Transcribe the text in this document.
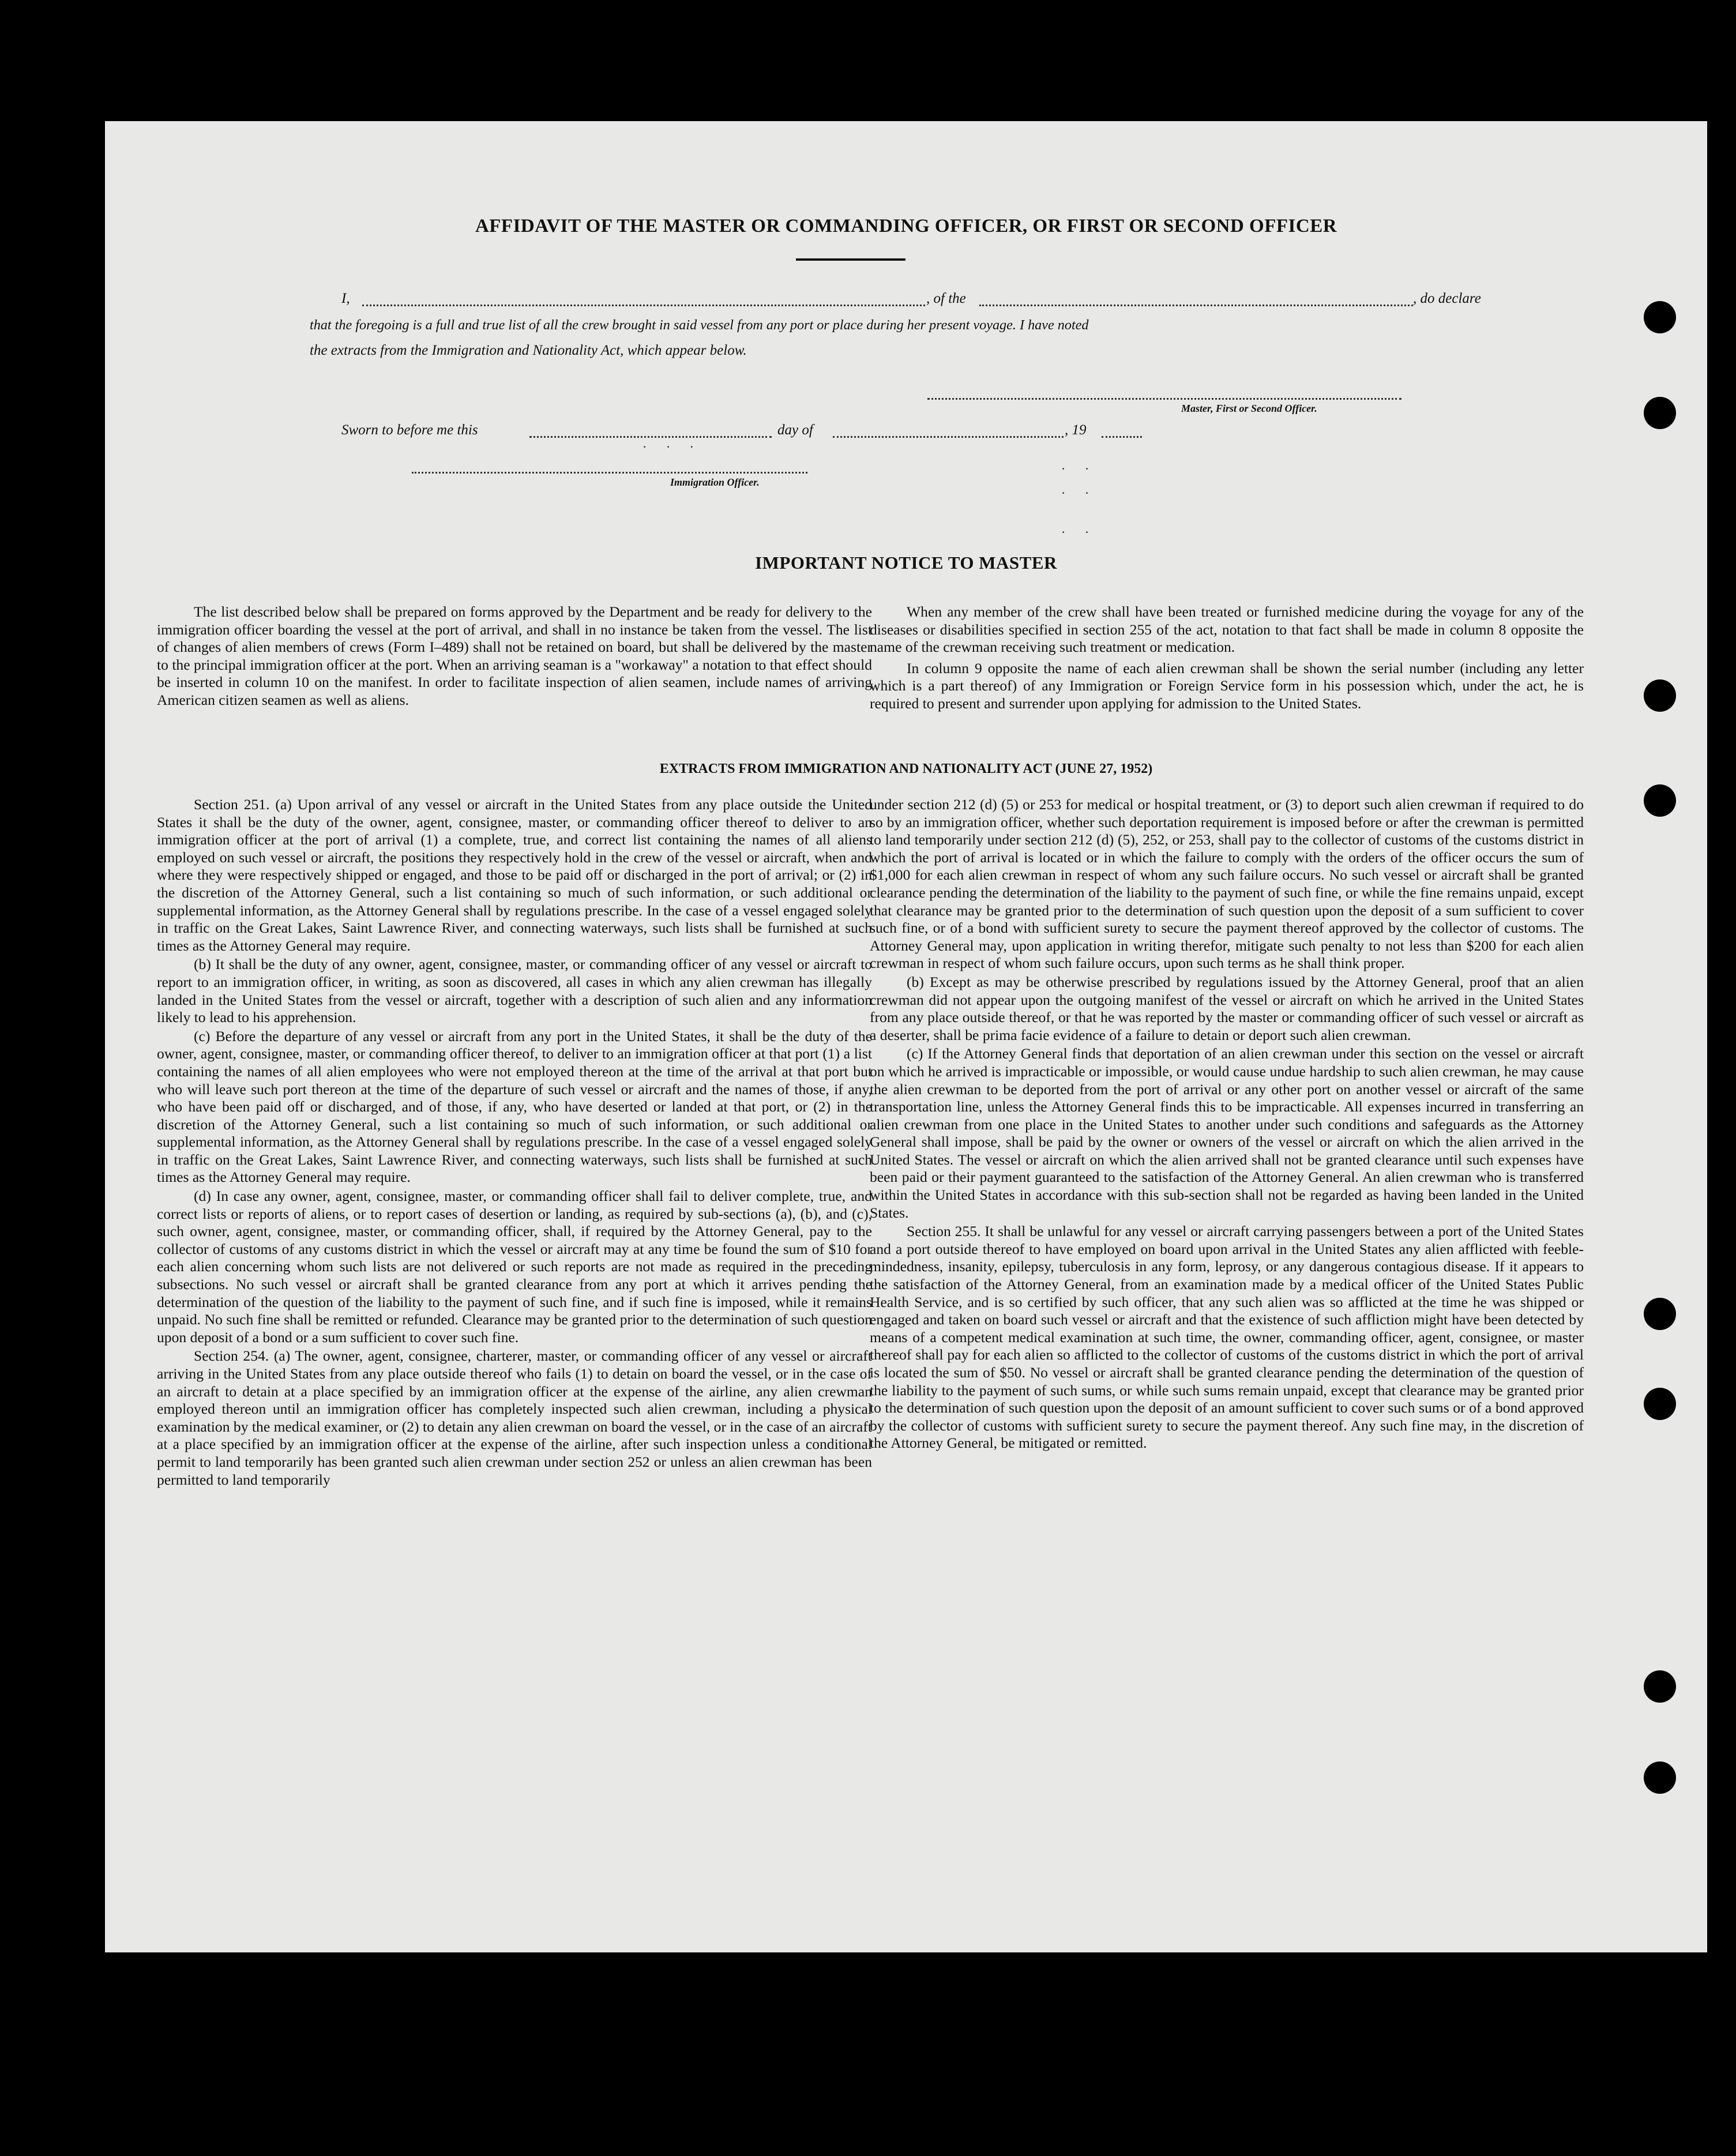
AFFIDAVIT OF THE MASTER OR COMMANDING OFFICER, OR FIRST OR SECOND OFFICER
I,	, of the	, do declare
that the foregoing is a full and true list of all the crew brought in said vessel from any port or place during her present voyage. I have noted
the extracts from the Immigration and Nationality Act, which appear below.
Master, First or Second Officer.
Sworn to before me this	day of	, 19
· · ·
Immigration Officer.
· ·
· ·
· ·
IMPORTANT NOTICE TO MASTER

The list described below shall be prepared on forms approved by the Department and be ready for delivery to the immigration officer boarding the vessel at the port of arrival, and shall in no instance be taken from the vessel. The list of changes of alien members of crews (Form I–489) shall not be retained on board, but shall be delivered by the master to the principal immigration officer at the port. When an arriving seaman is a "workaway" a notation to that effect should be inserted in column 10 on the manifest. In order to facilitate inspection of alien seamen, include names of arriving American citizen seamen as well as aliens.

When any member of the crew shall have been treated or furnished medicine during the voyage for any of the diseases or disabilities specified in section 255 of the act, notation to that fact shall be made in column 8 opposite the name of the crewman receiving such treatment or medication.

In column 9 opposite the name of each alien crewman shall be shown the serial number (including any letter which is a part thereof) of any Immigration or Foreign Service form in his possession which, under the act, he is required to present and surrender upon applying for admission to the United States.

EXTRACTS FROM IMMIGRATION AND NATIONALITY ACT (JUNE 27, 1952)

Section 251. (a) Upon arrival of any vessel or aircraft in the United States from any place outside the United States it shall be the duty of the owner, agent, consignee, master, or commanding officer thereof to deliver to an immigration officer at the port of arrival (1) a complete, true, and correct list containing the names of all aliens employed on such vessel or aircraft, the positions they respectively hold in the crew of the vessel or aircraft, when and where they were respectively shipped or engaged, and those to be paid off or discharged in the port of arrival; or (2) in the discretion of the Attorney General, such a list containing so much of such information, or such additional or supplemental information, as the Attorney General shall by regulations prescribe. In the case of a vessel engaged solely in traffic on the Great Lakes, Saint Lawrence River, and connecting waterways, such lists shall be furnished at such times as the Attorney General may require.

(b) It shall be the duty of any owner, agent, consignee, master, or commanding officer of any vessel or aircraft to report to an immigration officer, in writing, as soon as discovered, all cases in which any alien crewman has illegally landed in the United States from the vessel or aircraft, together with a description of such alien and any information likely to lead to his apprehension.

(c) Before the departure of any vessel or aircraft from any port in the United States, it shall be the duty of the owner, agent, consignee, master, or commanding officer thereof, to deliver to an immigration officer at that port (1) a list containing the names of all alien employees who were not employed thereon at the time of the arrival at that port but who will leave such port thereon at the time of the departure of such vessel or aircraft and the names of those, if any, who have been paid off or discharged, and of those, if any, who have deserted or landed at that port, or (2) in the discretion of the Attorney General, such a list containing so much of such information, or such additional or supplemental information, as the Attorney General shall by regulations prescribe. In the case of a vessel engaged solely in traffic on the Great Lakes, Saint Lawrence River, and connecting waterways, such lists shall be furnished at such times as the Attorney General may require.

(d) In case any owner, agent, consignee, master, or commanding officer shall fail to deliver complete, true, and correct lists or reports of aliens, or to report cases of desertion or landing, as required by sub-sections (a), (b), and (c), such owner, agent, consignee, master, or commanding officer, shall, if required by the Attorney General, pay to the collector of customs of any customs district in which the vessel or aircraft may at any time be found the sum of $10 for each alien concerning whom such lists are not delivered or such reports are not made as required in the preceding subsections. No such vessel or aircraft shall be granted clearance from any port at which it arrives pending the determination of the question of the liability to the payment of such fine, and if such fine is imposed, while it remains unpaid. No such fine shall be remitted or refunded. Clearance may be granted prior to the determination of such question upon deposit of a bond or a sum sufficient to cover such fine.

Section 254. (a) The owner, agent, consignee, charterer, master, or commanding officer of any vessel or aircraft arriving in the United States from any place outside thereof who fails (1) to detain on board the vessel, or in the case of an aircraft to detain at a place specified by an immigration officer at the expense of the airline, any alien crewman employed thereon until an immigration officer has completely inspected such alien crewman, including a physical examination by the medical examiner, or (2) to detain any alien crewman on board the vessel, or in the case of an aircraft at a place specified by an immigration officer at the expense of the airline, after such inspection unless a conditional permit to land temporarily has been granted such alien crewman under section 252 or unless an alien crewman has been permitted to land temporarily

under section 212 (d) (5) or 253 for medical or hospital treatment, or (3) to deport such alien crewman if required to do so by an immigration officer, whether such deportation requirement is imposed before or after the crewman is permitted to land temporarily under section 212 (d) (5), 252, or 253, shall pay to the collector of customs of the customs district in which the port of arrival is located or in which the failure to comply with the orders of the officer occurs the sum of $1,000 for each alien crewman in respect of whom any such failure occurs. No such vessel or aircraft shall be granted clearance pending the determination of the liability to the payment of such fine, or while the fine remains unpaid, except that clearance may be granted prior to the determination of such question upon the deposit of a sum sufficient to cover such fine, or of a bond with sufficient surety to secure the payment thereof approved by the collector of customs. The Attorney General may, upon application in writing therefor, mitigate such penalty to not less than $200 for each alien crewman in respect of whom such failure occurs, upon such terms as he shall think proper.

(b) Except as may be otherwise prescribed by regulations issued by the Attorney General, proof that an alien crewman did not appear upon the outgoing manifest of the vessel or aircraft on which he arrived in the United States from any place outside thereof, or that he was reported by the master or commanding officer of such vessel or aircraft as a deserter, shall be prima facie evidence of a failure to detain or deport such alien crewman.

(c) If the Attorney General finds that deportation of an alien crewman under this section on the vessel or aircraft on which he arrived is impracticable or impossible, or would cause undue hardship to such alien crewman, he may cause the alien crewman to be deported from the port of arrival or any other port on another vessel or aircraft of the same transportation line, unless the Attorney General finds this to be impracticable. All expenses incurred in transferring an alien crewman from one place in the United States to another under such conditions and safeguards as the Attorney General shall impose, shall be paid by the owner or owners of the vessel or aircraft on which the alien arrived in the United States. The vessel or aircraft on which the alien arrived shall not be granted clearance until such expenses have been paid or their payment guaranteed to the satisfaction of the Attorney General. An alien crewman who is transferred within the United States in accordance with this sub-section shall not be regarded as having been landed in the United States.

Section 255. It shall be unlawful for any vessel or aircraft carrying passengers between a port of the United States and a port outside thereof to have employed on board upon arrival in the United States any alien afflicted with feeble-mindedness, insanity, epilepsy, tuberculosis in any form, leprosy, or any dangerous contagious disease. If it appears to the satisfaction of the Attorney General, from an examination made by a medical officer of the United States Public Health Service, and is so certified by such officer, that any such alien was so afflicted at the time he was shipped or engaged and taken on board such vessel or aircraft and that the existence of such affliction might have been detected by means of a competent medical examination at such time, the owner, commanding officer, agent, consignee, or master thereof shall pay for each alien so afflicted to the collector of customs of the customs district in which the port of arrival is located the sum of $50. No vessel or aircraft shall be granted clearance pending the determination of the question of the liability to the payment of such sums, or while such sums remain unpaid, except that clearance may be granted prior to the determination of such question upon the deposit of an amount sufficient to cover such sums or of a bond approved by the collector of customs with sufficient surety to secure the payment thereof. Any such fine may, in the discretion of the Attorney General, be mitigated or remitted.
